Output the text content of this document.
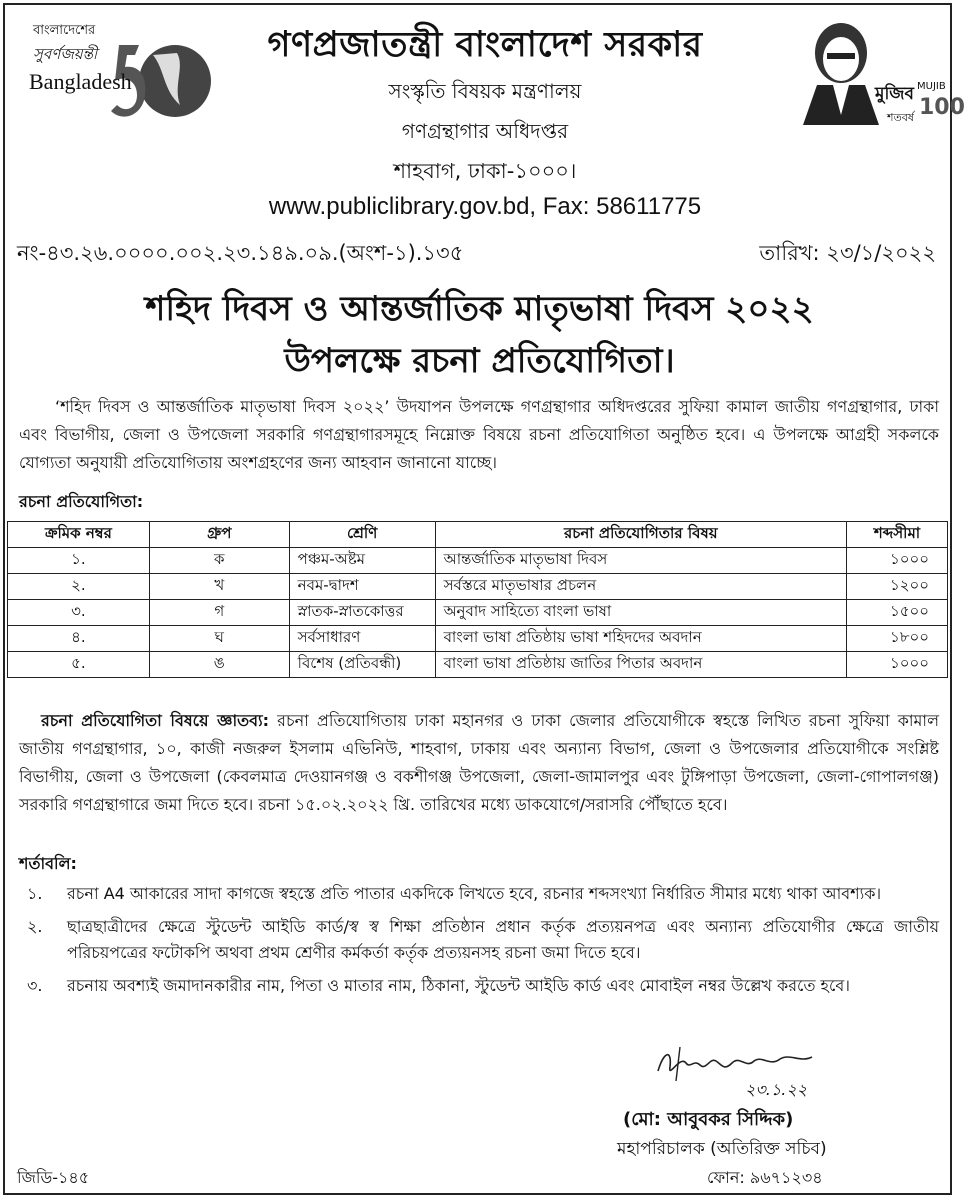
বাংলাদেশের
সুবর্ণজয়ন্তী
Bangladesh	মুজিব MUJIB
শতবর্ষ 100
গণপ্রজাতন্ত্রী বাংলাদেশ সরকার
সংস্কৃতি বিষয়ক মন্ত্রণালয়
গণগ্রন্থাগার অধিদপ্তর
শাহবাগ, ঢাকা-১০০০।
www.publiclibrary.gov.bd, Fax: 58611775
নং-৪৩.২৬.০০০০.০০২.২৩.১৪৯.০৯.(অংশ-১).১৩৫	তারিখ: ২৩/১/২০২২
শহিদ দিবস ও আন্তর্জাতিক মাতৃভাষা দিবস ২০২২
উপলক্ষে রচনা প্রতিযোগিতা।
‘শহিদ দিবস ও আন্তর্জাতিক মাতৃভাষা দিবস ২০২২’ উদযাপন উপলক্ষে গণগ্রন্থাগার অধিদপ্তরের সুফিয়া কামাল জাতীয় গণগ্রন্থাগার, ঢাকা এবং বিভাগীয়, জেলা ও উপজেলা সরকারি গণগ্রন্থাগারসমূহে নিম্নোক্ত বিষয়ে রচনা প্রতিযোগিতা অনুষ্ঠিত হবে। এ উপলক্ষে আগ্রহী সকলকে যোগ্যতা অনুযায়ী প্রতিযোগিতায় অংশগ্রহণের জন্য আহবান জানানো যাচ্ছে।
রচনা প্রতিযোগিতা:
ক্রমিক নম্বর	গ্রুপ	শ্রেণি	রচনা প্রতিযোগিতার বিষয়	শব্দসীমা
১.	ক	পঞ্চম-অষ্টম	আন্তর্জাতিক মাতৃভাষা দিবস	১০০০
২.	খ	নবম-দ্বাদশ	সর্বস্তরে মাতৃভাষার প্রচলন	১২০০
৩.	গ	স্নাতক-স্নাতকোত্তর	অনুবাদ সাহিত্যে বাংলা ভাষা	১৫০০
৪.	ঘ	সর্বসাধারণ	বাংলা ভাষা প্রতিষ্ঠায় ভাষা শহিদদের অবদান	১৮০০
৫.	ঙ	বিশেষ (প্রতিবন্ধী)	বাংলা ভাষা প্রতিষ্ঠায় জাতির পিতার অবদান	১০০০
রচনা প্রতিযোগিতা বিষয়ে জ্ঞাতব্য: রচনা প্রতিযোগিতায় ঢাকা মহানগর ও ঢাকা জেলার প্রতিযোগীকে স্বহস্তে লিখিত রচনা সুফিয়া কামাল জাতীয় গণগ্রন্থাগার, ১০, কাজী নজরুল ইসলাম এভিনিউ, শাহবাগ, ঢাকায় এবং অন্যান্য বিভাগ, জেলা ও উপজেলার প্রতিযোগীকে সংশ্লিষ্ট বিভাগীয়, জেলা ও উপজেলা (কেবলমাত্র দেওয়ানগঞ্জ ও বকশীগঞ্জ উপজেলা, জেলা-জামালপুর এবং টুঙ্গিপাড়া উপজেলা, জেলা-গোপালগঞ্জ) সরকারি গণগ্রন্থাগারে জমা দিতে হবে। রচনা ১৫.০২.২০২২ খ্রি. তারিখের মধ্যে ডাকযোগে/সরাসরি পৌঁছাতে হবে।
শর্তাবলি:
১. রচনা A4 আকারের সাদা কাগজে স্বহস্তে প্রতি পাতার একদিকে লিখতে হবে, রচনার শব্দসংখ্যা নির্ধারিত সীমার মধ্যে থাকা আবশ্যক।
২. ছাত্রছাত্রীদের ক্ষেত্রে স্টুডেন্ট আইডি কার্ড/স্ব স্ব শিক্ষা প্রতিষ্ঠান প্রধান কর্তৃক প্রত্যয়নপত্র এবং অন্যান্য প্রতিযোগীর ক্ষেত্রে জাতীয় পরিচয়পত্রের ফটোকপি অথবা প্রথম শ্রেণীর কর্মকর্তা কর্তৃক প্রত্যয়নসহ রচনা জমা দিতে হবে।
৩. রচনায় অবশ্যই জমাদানকারীর নাম, পিতা ও মাতার নাম, ঠিকানা, স্টুডেন্ট আইডি কার্ড এবং মোবাইল নম্বর উল্লেখ করতে হবে।
২৩.১.২২
(মো: আবুবকর সিদ্দিক)
মহাপরিচালক (অতিরিক্ত সচিব)
ফোন: ৯৬৭১২৩৪
জিডি-১৪৫
